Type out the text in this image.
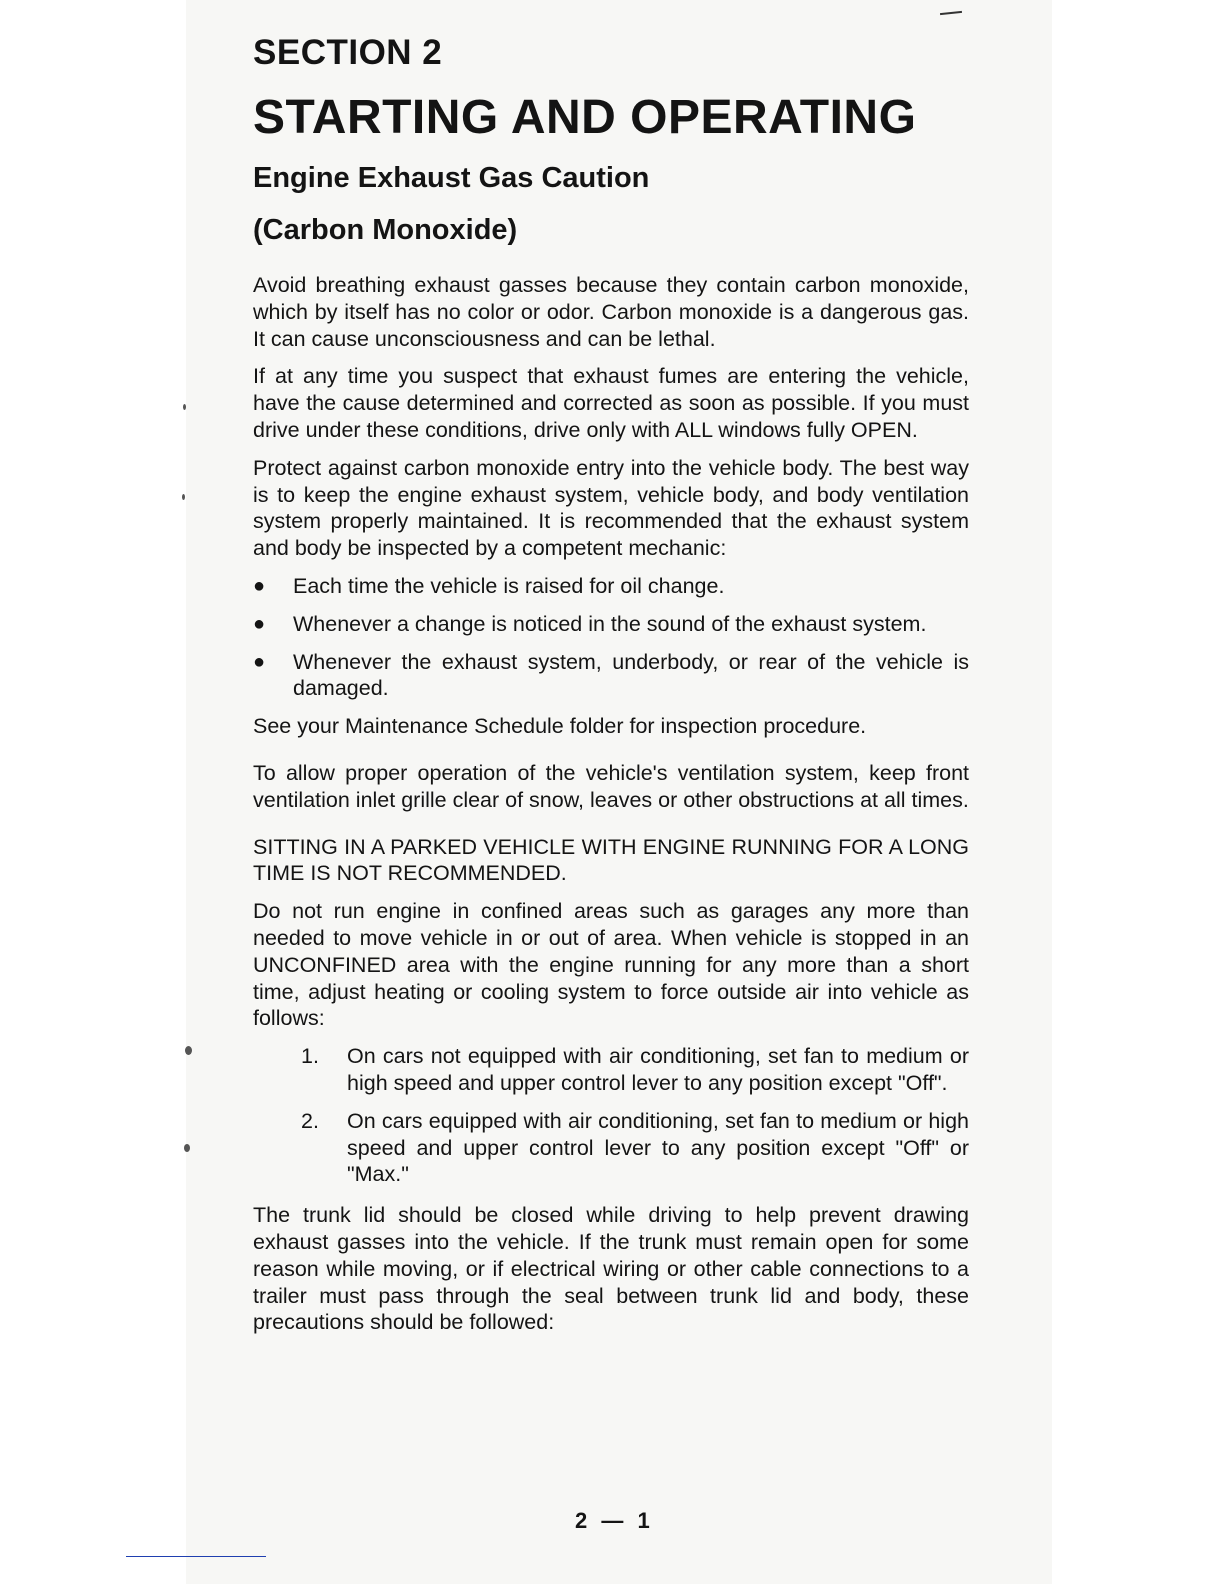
SECTION 2
STARTING AND OPERATING
Engine Exhaust Gas Caution
(Carbon Monoxide)

Avoid breathing exhaust gasses because they contain carbon monoxide, which by itself has no color or odor. Carbon monoxide is a dangerous gas. It can cause unconsciousness and can be lethal.

If at any time you suspect that exhaust fumes are entering the vehicle, have the cause determined and corrected as soon as possible. If you must drive under these conditions, drive only with ALL windows fully OPEN.

Protect against carbon monoxide entry into the vehicle body. The best way is to keep the engine exhaust system, vehicle body, and body ventilation system properly maintained. It is recommended that the exhaust system and body be inspected by a competent mechanic:

●	Each time the vehicle is raised for oil change.
●	Whenever a change is noticed in the sound of the exhaust system.
●	Whenever the exhaust system, underbody, or rear of the vehicle is damaged.

See your Maintenance Schedule folder for inspection procedure.

To allow proper operation of the vehicle's ventilation system, keep front ventilation inlet grille clear of snow, leaves or other obstructions at all times.

SITTING IN A PARKED VEHICLE WITH ENGINE RUNNING FOR A LONG TIME IS NOT RECOMMENDED.

Do not run engine in confined areas such as garages any more than needed to move vehicle in or out of area. When vehicle is stopped in an UNCONFINED area with the engine running for any more than a short time, adjust heating or cooling system to force outside air into vehicle as follows:

1.	On cars not equipped with air conditioning, set fan to medium or high speed and upper control lever to any position except "Off".
2.	On cars equipped with air conditioning, set fan to medium or high speed and upper control lever to any position except "Off" or "Max."

The trunk lid should be closed while driving to help prevent drawing exhaust gasses into the vehicle. If the trunk must remain open for some reason while moving, or if electrical wiring or other cable connections to a trailer must pass through the seal between trunk lid and body, these precautions should be followed:

2 — 1
